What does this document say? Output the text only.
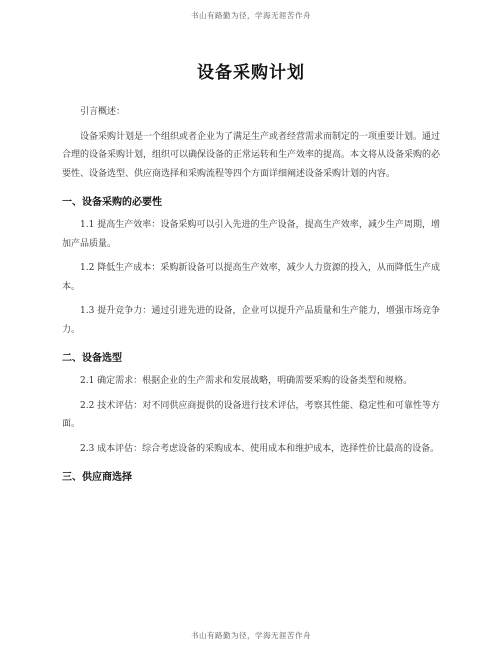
书山有路勤为径，学海无涯苦作舟
设备采购计划

引言概述：

设备采购计划是一个组织或者企业为了满足生产或者经营需求而制定的一项重要计划。通过合理的设备采购计划，组织可以确保设备的正常运转和生产效率的提高。本文将从设备采购的必要性、设备选型、供应商选择和采购流程等四个方面详细阐述设备采购计划的内容。

一、设备采购的必要性

1.1 提高生产效率：设备采购可以引入先进的生产设备，提高生产效率，减少生产周期，增加产品质量。

1.2 降低生产成本：采购新设备可以提高生产效率，减少人力资源的投入，从而降低生产成本。

1.3 提升竞争力：通过引进先进的设备，企业可以提升产品质量和生产能力，增强市场竞争力。

二、设备选型

2.1 确定需求：根据企业的生产需求和发展战略，明确需要采购的设备类型和规格。

2.2 技术评估：对不同供应商提供的设备进行技术评估，考察其性能、稳定性和可靠性等方面。

2.3 成本评估：综合考虑设备的采购成本、使用成本和维护成本，选择性价比最高的设备。

三、供应商选择
书山有路勤为径，学海无涯苦作舟
